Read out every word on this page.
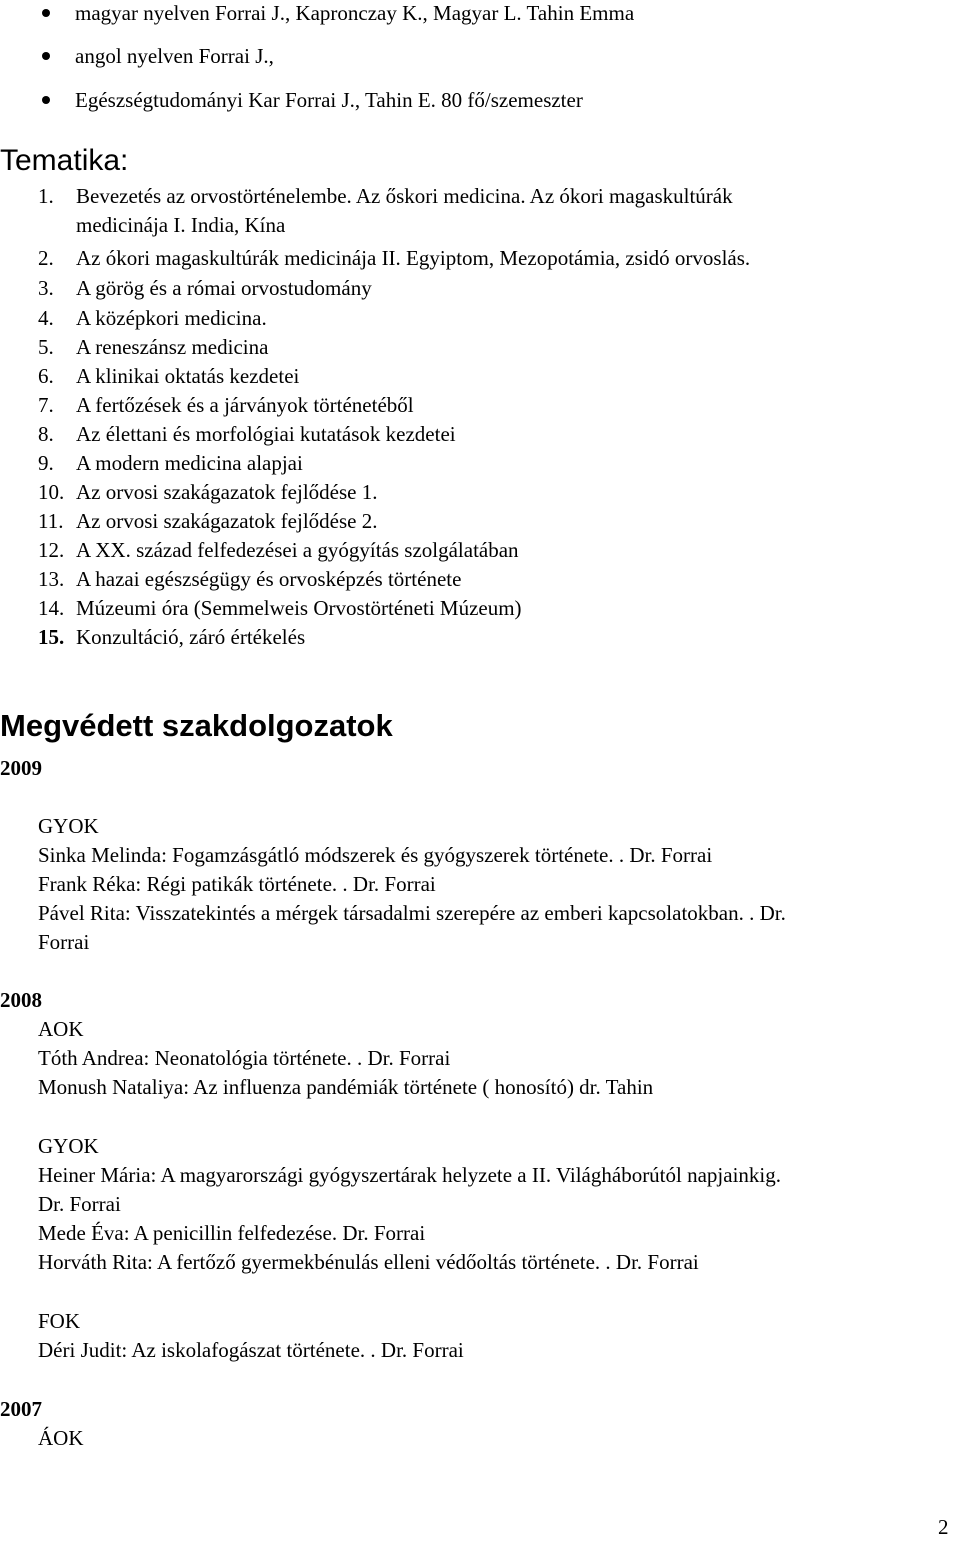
magyar nyelven Forrai J., Kapronczay K., Magyar L. Tahin Emma
angol nyelven Forrai J.,
Egészségtudományi Kar Forrai J., Tahin E. 80 fő/szemeszter
Tematika:
1. Bevezetés az orvostörténelembe. Az őskori medicina. Az ókori magaskultúrák
medicinája I. India, Kína
2. Az ókori magaskultúrák medicinája II. Egyiptom, Mezopotámia, zsidó orvoslás.
3. A görög és a római orvostudomány
4. A középkori medicina.
5. A reneszánsz medicina
6. A klinikai oktatás kezdetei
7. A fertőzések és a járványok történetéből
8. Az élettani és morfológiai kutatások kezdetei
9. A modern medicina alapjai
10. Az orvosi szakágazatok fejlődése 1.
11. Az orvosi szakágazatok fejlődése 2.
12. A XX. század felfedezései a gyógyítás szolgálatában
13. A hazai egészségügy és orvosképzés története
14. Múzeumi óra (Semmelweis Orvostörténeti Múzeum)
15. Konzultáció, záró értékelés
Megvédett szakdolgozatok
2009
GYOK
Sinka Melinda: Fogamzásgátló módszerek és gyógyszerek története. . Dr. Forrai
Frank Réka: Régi patikák története. . Dr. Forrai
Pável Rita: Visszatekintés a mérgek társadalmi szerepére az emberi kapcsolatokban. . Dr.
Forrai
2008
AOK
Tóth Andrea: Neonatológia története. . Dr. Forrai
Monush Nataliya: Az influenza pandémiák története ( honosító) dr. Tahin
GYOK
Heiner Mária: A magyarországi gyógyszertárak helyzete a II. Világháborútól napjainkig.
Dr. Forrai
Mede Éva: A penicillin felfedezése. Dr. Forrai
Horváth Rita: A fertőző gyermekbénulás elleni védőoltás története. . Dr. Forrai
FOK
Déri Judit: Az iskolafogászat története. . Dr. Forrai
2007
ÁOK
2
